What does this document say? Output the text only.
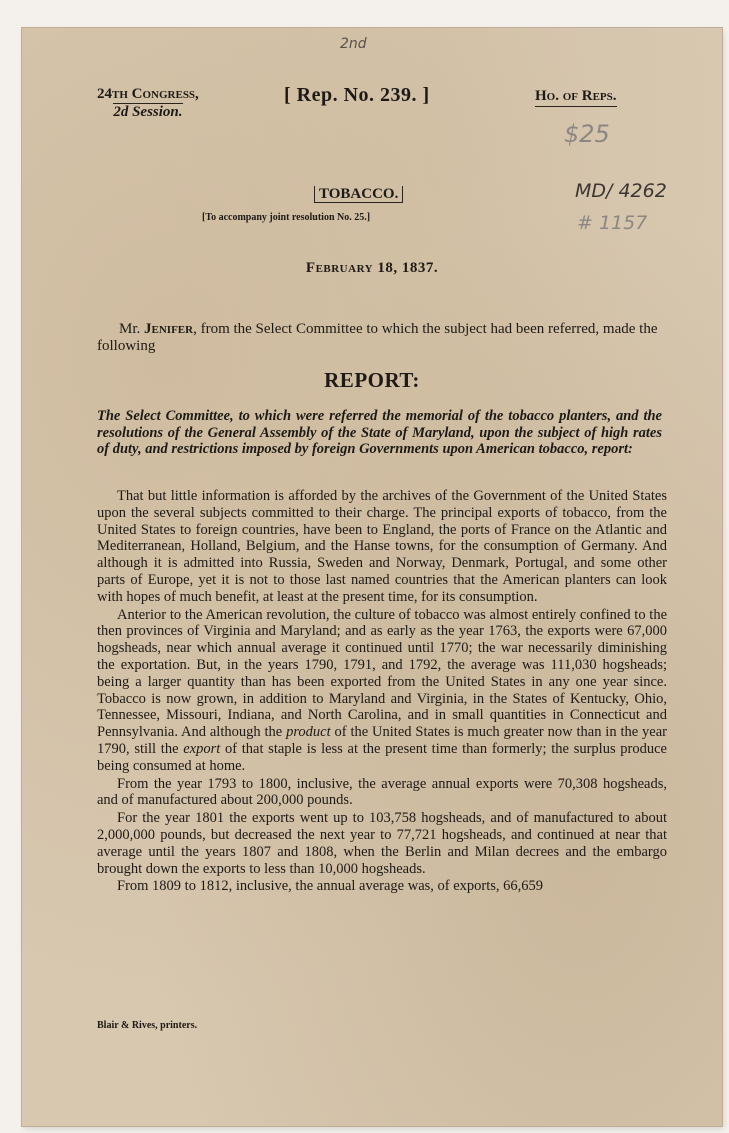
2nd
24th Congress,
2d Session.
[ Rep. No. 239. ]	Ho. of Reps.
$25
MD/ 4262
# 1157
TOBACCO.
[To accompany joint resolution No. 25.]
February 18, 1837.
Mr. Jenifer, from the Select Committee to which the subject had been referred, made the following
REPORT:
The Select Committee, to which were referred the memorial of the tobacco planters, and the resolutions of the General Assembly of the State of Maryland, upon the subject of high rates of duty, and restrictions imposed by foreign Governments upon American tobacco, report:

That but little information is afforded by the archives of the Government of the United States upon the several subjects committed to their charge. The principal exports of tobacco, from the United States to foreign countries, have been to England, the ports of France on the Atlantic and Mediterranean, Holland, Belgium, and the Hanse towns, for the consumption of Germany. And although it is admitted into Russia, Sweden and Norway, Denmark, Portugal, and some other parts of Europe, yet it is not to those last named countries that the American planters can look with hopes of much benefit, at least at the present time, for its consumption.

Anterior to the American revolution, the culture of tobacco was almost entirely confined to the then provinces of Virginia and Maryland; and as early as the year 1763, the exports were 67,000 hogsheads, near which annual average it continued until 1770; the war necessarily diminishing the exportation. But, in the years 1790, 1791, and 1792, the average was 111,030 hogsheads; being a larger quantity than has been exported from the United States in any one year since. Tobacco is now grown, in addition to Maryland and Virginia, in the States of Kentucky, Ohio, Tennessee, Missouri, Indiana, and North Carolina, and in small quantities in Connecticut and Pennsylvania. And although the product of the United States is much greater now than in the year 1790, still the export of that staple is less at the present time than formerly; the surplus produce being consumed at home.

From the year 1793 to 1800, inclusive, the average annual exports were 70,308 hogsheads, and of manufactured about 200,000 pounds.

For the year 1801 the exports went up to 103,758 hogsheads, and of manufactured to about 2,000,000 pounds, but decreased the next year to 77,721 hogsheads, and continued at near that average until the years 1807 and 1808, when the Berlin and Milan decrees and the embargo brought down the exports to less than 10,000 hogsheads.

From 1809 to 1812, inclusive, the annual average was, of exports, 66,659

Blair & Rives, printers.
